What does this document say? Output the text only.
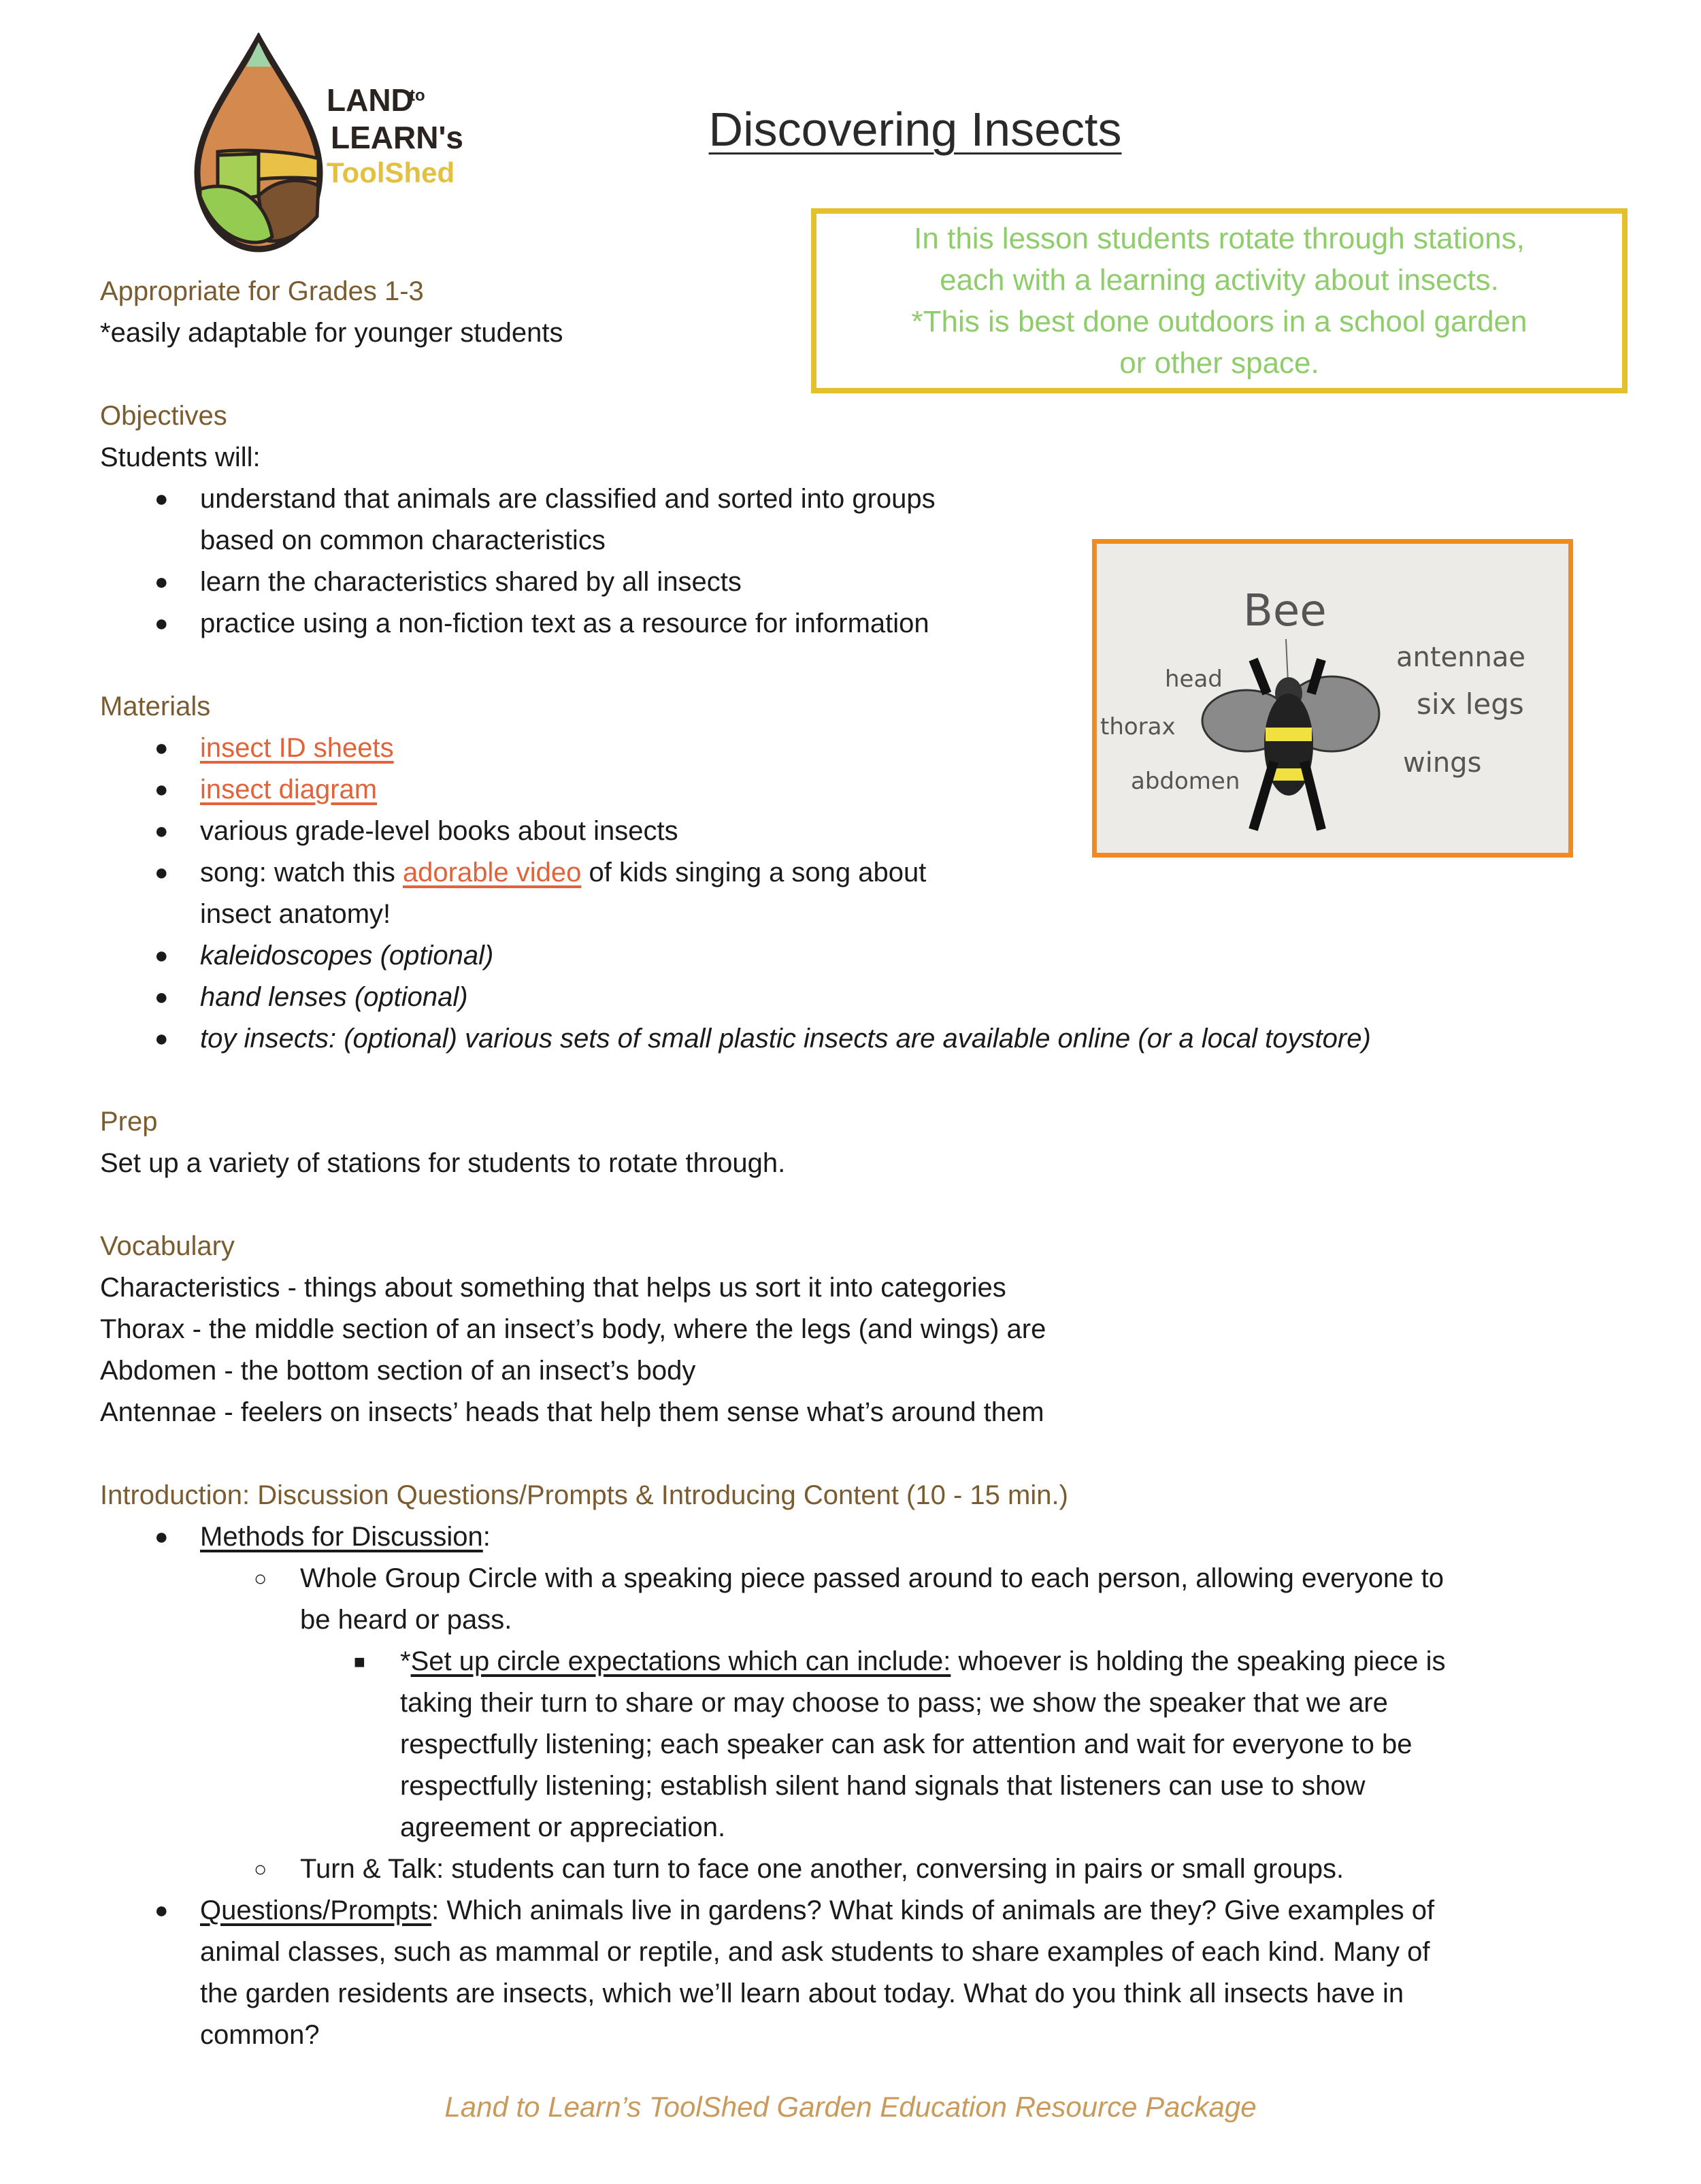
LAND
to
LEARN's
ToolShed
Discovering Insects
In this lesson students rotate through stations,
each with a learning activity about insects.
*This is best done outdoors in a school garden
or other space.
Bee
head
thorax
abdomen
antennae
six legs
wings
Appropriate for Grades 1-3
*easily adaptable for younger students
Objectives
Students will:
● understand that animals are classified and sorted into groups
based on common characteristics
● learn the characteristics shared by all insects
● practice using a non-fiction text as a resource for information
Materials
● insect ID sheets
● insect diagram
● various grade-level books about insects
● song: watch this adorable video of kids singing a song about
insect anatomy!
● kaleidoscopes (optional)
● hand lenses (optional)
● toy insects: (optional) various sets of small plastic insects are available online (or a local toystore)
Prep
Set up a variety of stations for students to rotate through.
Vocabulary
Characteristics - things about something that helps us sort it into categories
Thorax - the middle section of an insect’s body, where the legs (and wings) are
Abdomen - the bottom section of an insect’s body
Antennae - feelers on insects’ heads that help them sense what’s around them
Introduction: Discussion Questions/Prompts & Introducing Content (10 - 15 min.)
● Methods for Discussion:
○ Whole Group Circle with a speaking piece passed around to each person, allowing everyone to
be heard or pass.
■ *Set up circle expectations which can include: whoever is holding the speaking piece is
taking their turn to share or may choose to pass; we show the speaker that we are
respectfully listening; each speaker can ask for attention and wait for everyone to be
respectfully listening; establish silent hand signals that listeners can use to show
agreement or appreciation.
○ Turn & Talk: students can turn to face one another, conversing in pairs or small groups.
● Questions/Prompts: Which animals live in gardens? What kinds of animals are they? Give examples of
animal classes, such as mammal or reptile, and ask students to share examples of each kind. Many of
the garden residents are insects, which we’ll learn about today. What do you think all insects have in
common?
Land to Learn’s ToolShed Garden Education Resource Package
